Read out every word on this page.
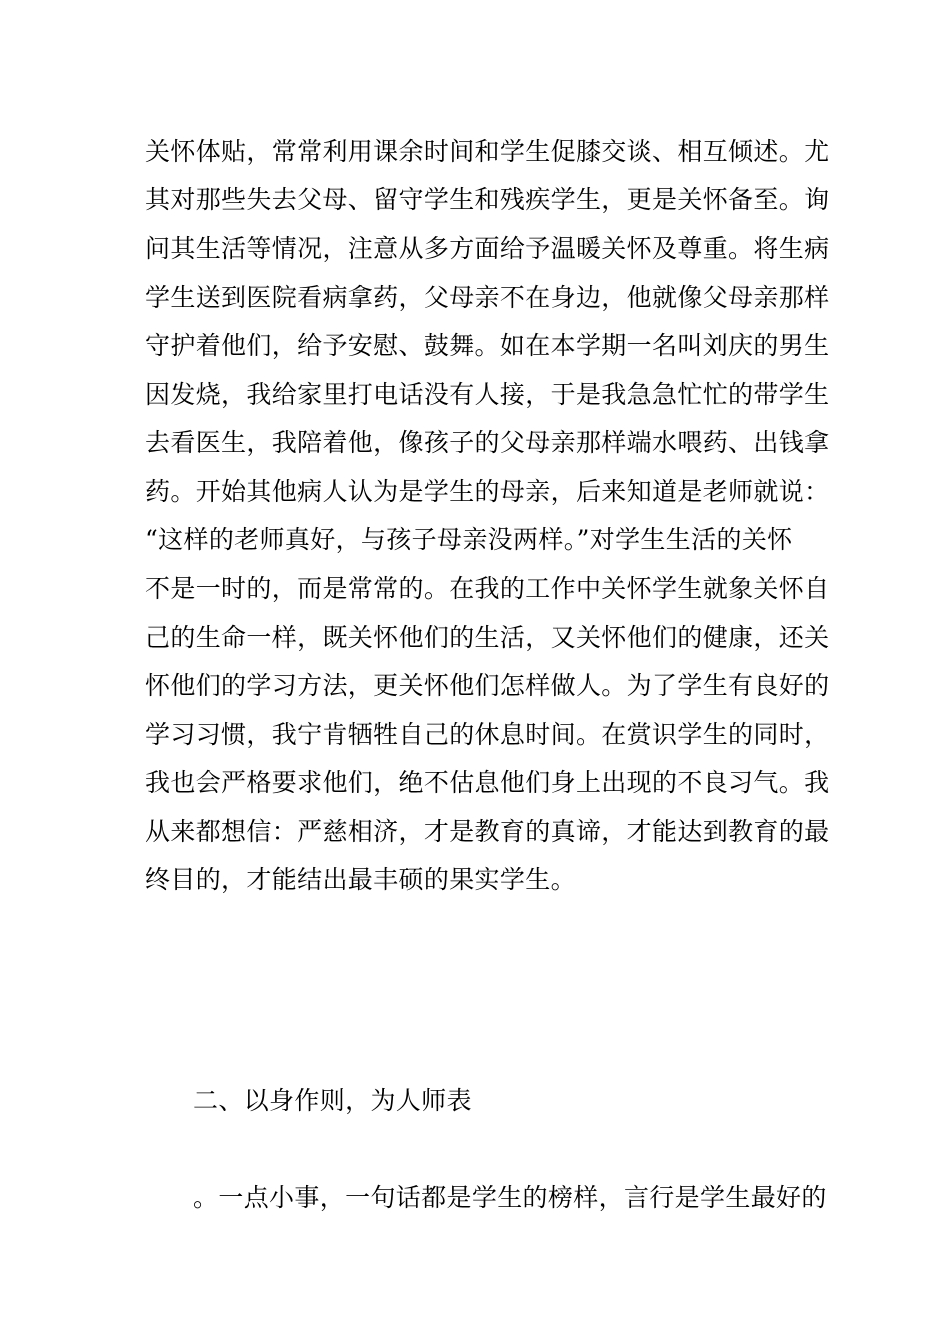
关怀体贴，常常利用课余时间和学生促膝交谈、相互倾述。尤
其对那些失去父母、留守学生和残疾学生，更是关怀备至。询
问其生活等情况，注意从多方面给予温暖关怀及尊重。将生病
学生送到医院看病拿药，父母亲不在身边，他就像父母亲那样
守护着他们，给予安慰、鼓舞。如在本学期一名叫刘庆的男生
因发烧，我给家里打电话没有人接，于是我急急忙忙的带学生
去看医生，我陪着他，像孩子的父母亲那样端水喂药、出钱拿
药。开始其他病人认为是学生的母亲，后来知道是老师就说：
“这样的老师真好，与孩子母亲没两样。”对学生生活的关怀
不是一时的，而是常常的。在我的工作中关怀学生就象关怀自
己的生命一样，既关怀他们的生活，又关怀他们的健康，还关
怀他们的学习方法，更关怀他们怎样做人。为了学生有良好的
学习习惯，我宁肯牺牲自己的休息时间。在赏识学生的同时，
我也会严格要求他们，绝不估息他们身上出现的不良习气。我
从来都想信：严慈相济，才是教育的真谛，才能达到教育的最
终目的，才能结出最丰硕的果实学生。
二、以身作则，为人师表
。一点小事，一句话都是学生的榜样，言行是学生最好的
